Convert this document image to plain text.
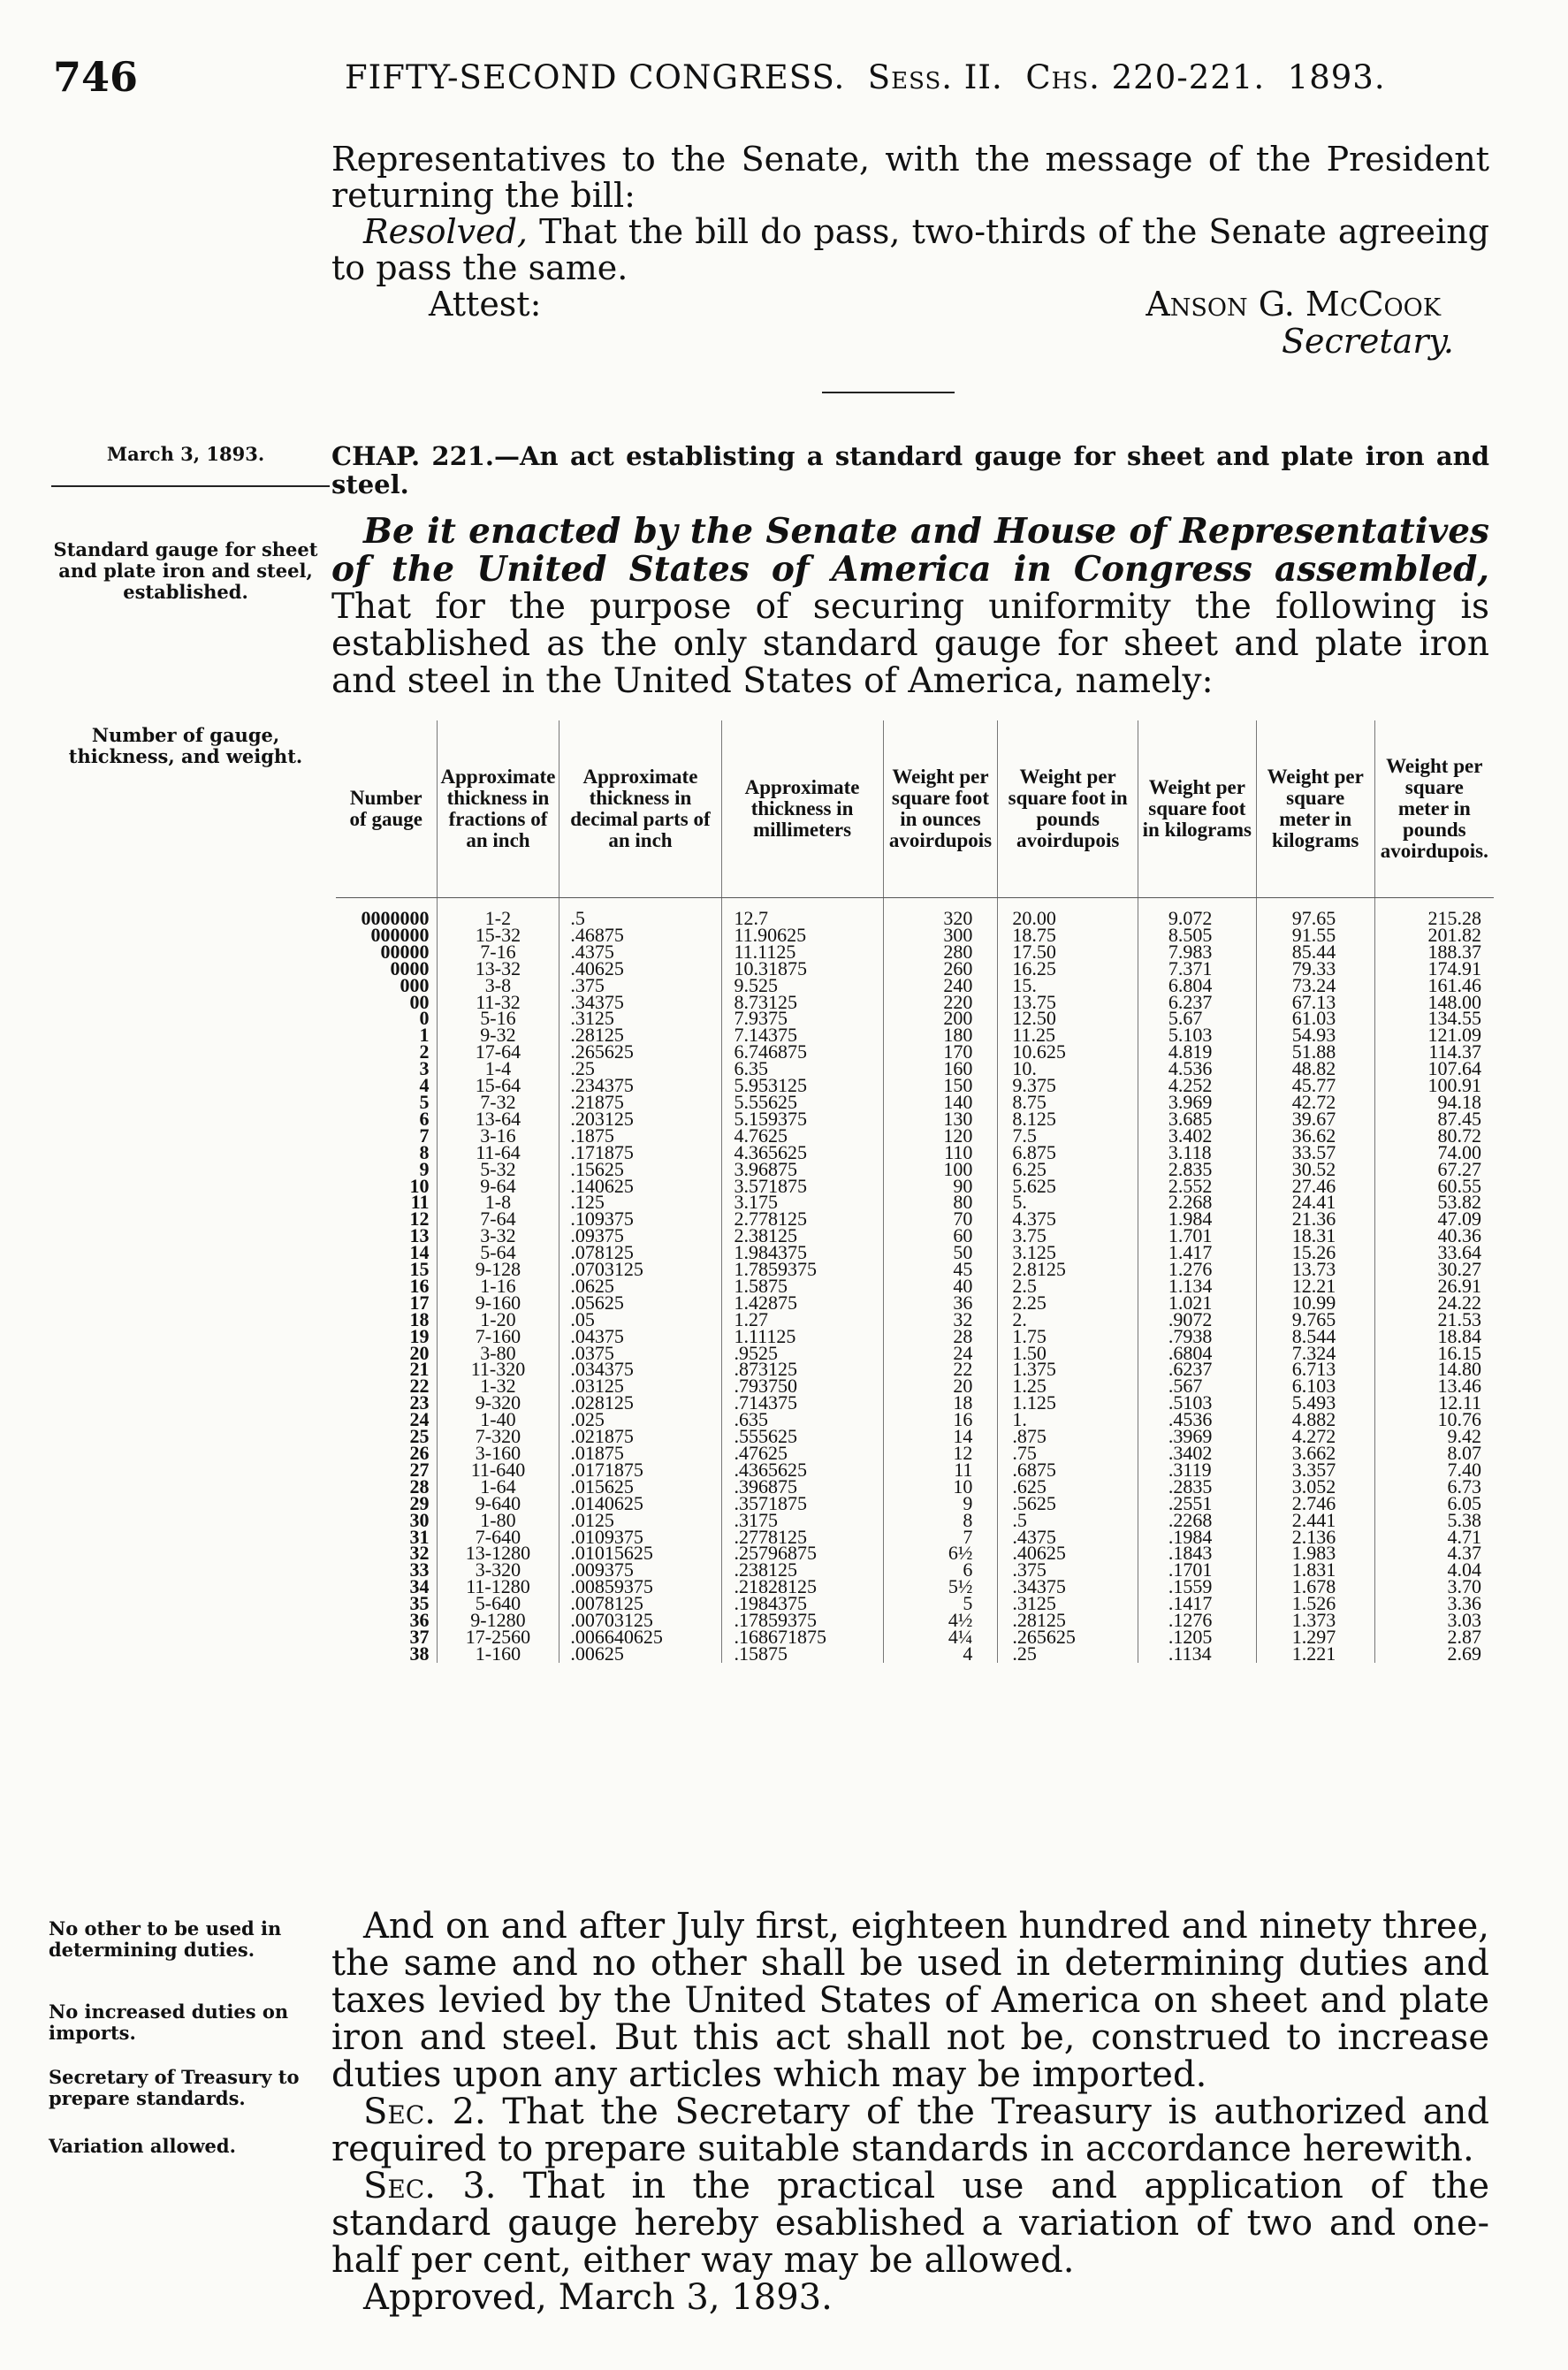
746	FIFTY-SECOND CONGRESS. Sess. II. Chs. 220-221. 1893.

Representatives to the Senate, with the message of the President returning the bill:

Resolved, That the bill do pass, two-thirds of the Senate agreeing to pass the same.

Attest:	Anson G. McCook
Secretary.
March 3, 1893.
Standard gauge for sheet and plate iron and steel, established.
Number of gauge, thickness, and weight.
No other to be used in determining duties.
No increased duties on imports.
Secretary of Treasury to prepare standards.
Variation allowed.
CHAP. 221.—An act establisting a standard gauge for sheet and plate iron and steel.

Be it enacted by the Senate and House of Representatives of the United States of America in Congress assembled, That for the purpose of securing uniformity the following is established as the only standard gauge for sheet and plate iron and steel in the United States of America, namely:

Number of gauge	Approximate thickness in fractions of an inch	Approximate thickness in decimal parts of an inch	Approximate thickness in millimeters	Weight per square foot in ounces avoirdupois	Weight per square foot in pounds avoirdupois	Weight per square foot in kilograms	Weight per square meter in kilograms	Weight per square meter in pounds avoirdupois.
0000000	1-2	.5	12.7	320	20.00	9.072	97.65	215.28
000000	15-32	.46875	11.90625	300	18.75	8.505	91.55	201.82
00000	7-16	.4375	11.1125	280	17.50	7.983	85.44	188.37
0000	13-32	.40625	10.31875	260	16.25	7.371	79.33	174.91
000	3-8	.375	9.525	240	15.	6.804	73.24	161.46
00	11-32	.34375	8.73125	220	13.75	6.237	67.13	148.00
0	5-16	.3125	7.9375	200	12.50	5.67	61.03	134.55
1	9-32	.28125	7.14375	180	11.25	5.103	54.93	121.09
2	17-64	.265625	6.746875	170	10.625	4.819	51.88	114.37
3	1-4	.25	6.35	160	10.	4.536	48.82	107.64
4	15-64	.234375	5.953125	150	9.375	4.252	45.77	100.91
5	7-32	.21875	5.55625	140	8.75	3.969	42.72	94.18
6	13-64	.203125	5.159375	130	8.125	3.685	39.67	87.45
7	3-16	.1875	4.7625	120	7.5	3.402	36.62	80.72
8	11-64	.171875	4.365625	110	6.875	3.118	33.57	74.00
9	5-32	.15625	3.96875	100	6.25	2.835	30.52	67.27
10	9-64	.140625	3.571875	90	5.625	2.552	27.46	60.55
11	1-8	.125	3.175	80	5.	2.268	24.41	53.82
12	7-64	.109375	2.778125	70	4.375	1.984	21.36	47.09
13	3-32	.09375	2.38125	60	3.75	1.701	18.31	40.36
14	5-64	.078125	1.984375	50	3.125	1.417	15.26	33.64
15	9-128	.0703125	1.7859375	45	2.8125	1.276	13.73	30.27
16	1-16	.0625	1.5875	40	2.5	1.134	12.21	26.91
17	9-160	.05625	1.42875	36	2.25	1.021	10.99	24.22
18	1-20	.05	1.27	32	2.	.9072	9.765	21.53
19	7-160	.04375	1.11125	28	1.75	.7938	8.544	18.84
20	3-80	.0375	.9525	24	1.50	.6804	7.324	16.15
21	11-320	.034375	.873125	22	1.375	.6237	6.713	14.80
22	1-32	.03125	.793750	20	1.25	.567	6.103	13.46
23	9-320	.028125	.714375	18	1.125	.5103	5.493	12.11
24	1-40	.025	.635	16	1.	.4536	4.882	10.76
25	7-320	.021875	.555625	14	.875	.3969	4.272	9.42
26	3-160	.01875	.47625	12	.75	.3402	3.662	8.07
27	11-640	.0171875	.4365625	11	.6875	.3119	3.357	7.40
28	1-64	.015625	.396875	10	.625	.2835	3.052	6.73
29	9-640	.0140625	.3571875	9	.5625	.2551	2.746	6.05
30	1-80	.0125	.3175	8	.5	.2268	2.441	5.38
31	7-640	.0109375	.2778125	7	.4375	.1984	2.136	4.71
32	13-1280	.01015625	.25796875	6½	.40625	.1843	1.983	4.37
33	3-320	.009375	.238125	6	.375	.1701	1.831	4.04
34	11-1280	.00859375	.21828125	5½	.34375	.1559	1.678	3.70
35	5-640	.0078125	.1984375	5	.3125	.1417	1.526	3.36
36	9-1280	.00703125	.17859375	4½	.28125	.1276	1.373	3.03
37	17-2560	.006640625	.168671875	4¼	.265625	.1205	1.297	2.87
38	1-160	.00625	.15875	4	.25	.1134	1.221	2.69

And on and after July first, eighteen hundred and ninety three, the same and no other shall be used in determining duties and taxes levied by the United States of America on sheet and plate iron and steel. But this act shall not be, construed to increase duties upon any articles which may be imported.

Sec. 2. That the Secretary of the Treasury is authorized and required to prepare suitable standards in accordance herewith.

Sec. 3. That in the practical use and application of the standard gauge hereby esablished a variation of two and one-half per cent, either way may be allowed.

Approved, March 3, 1893.
